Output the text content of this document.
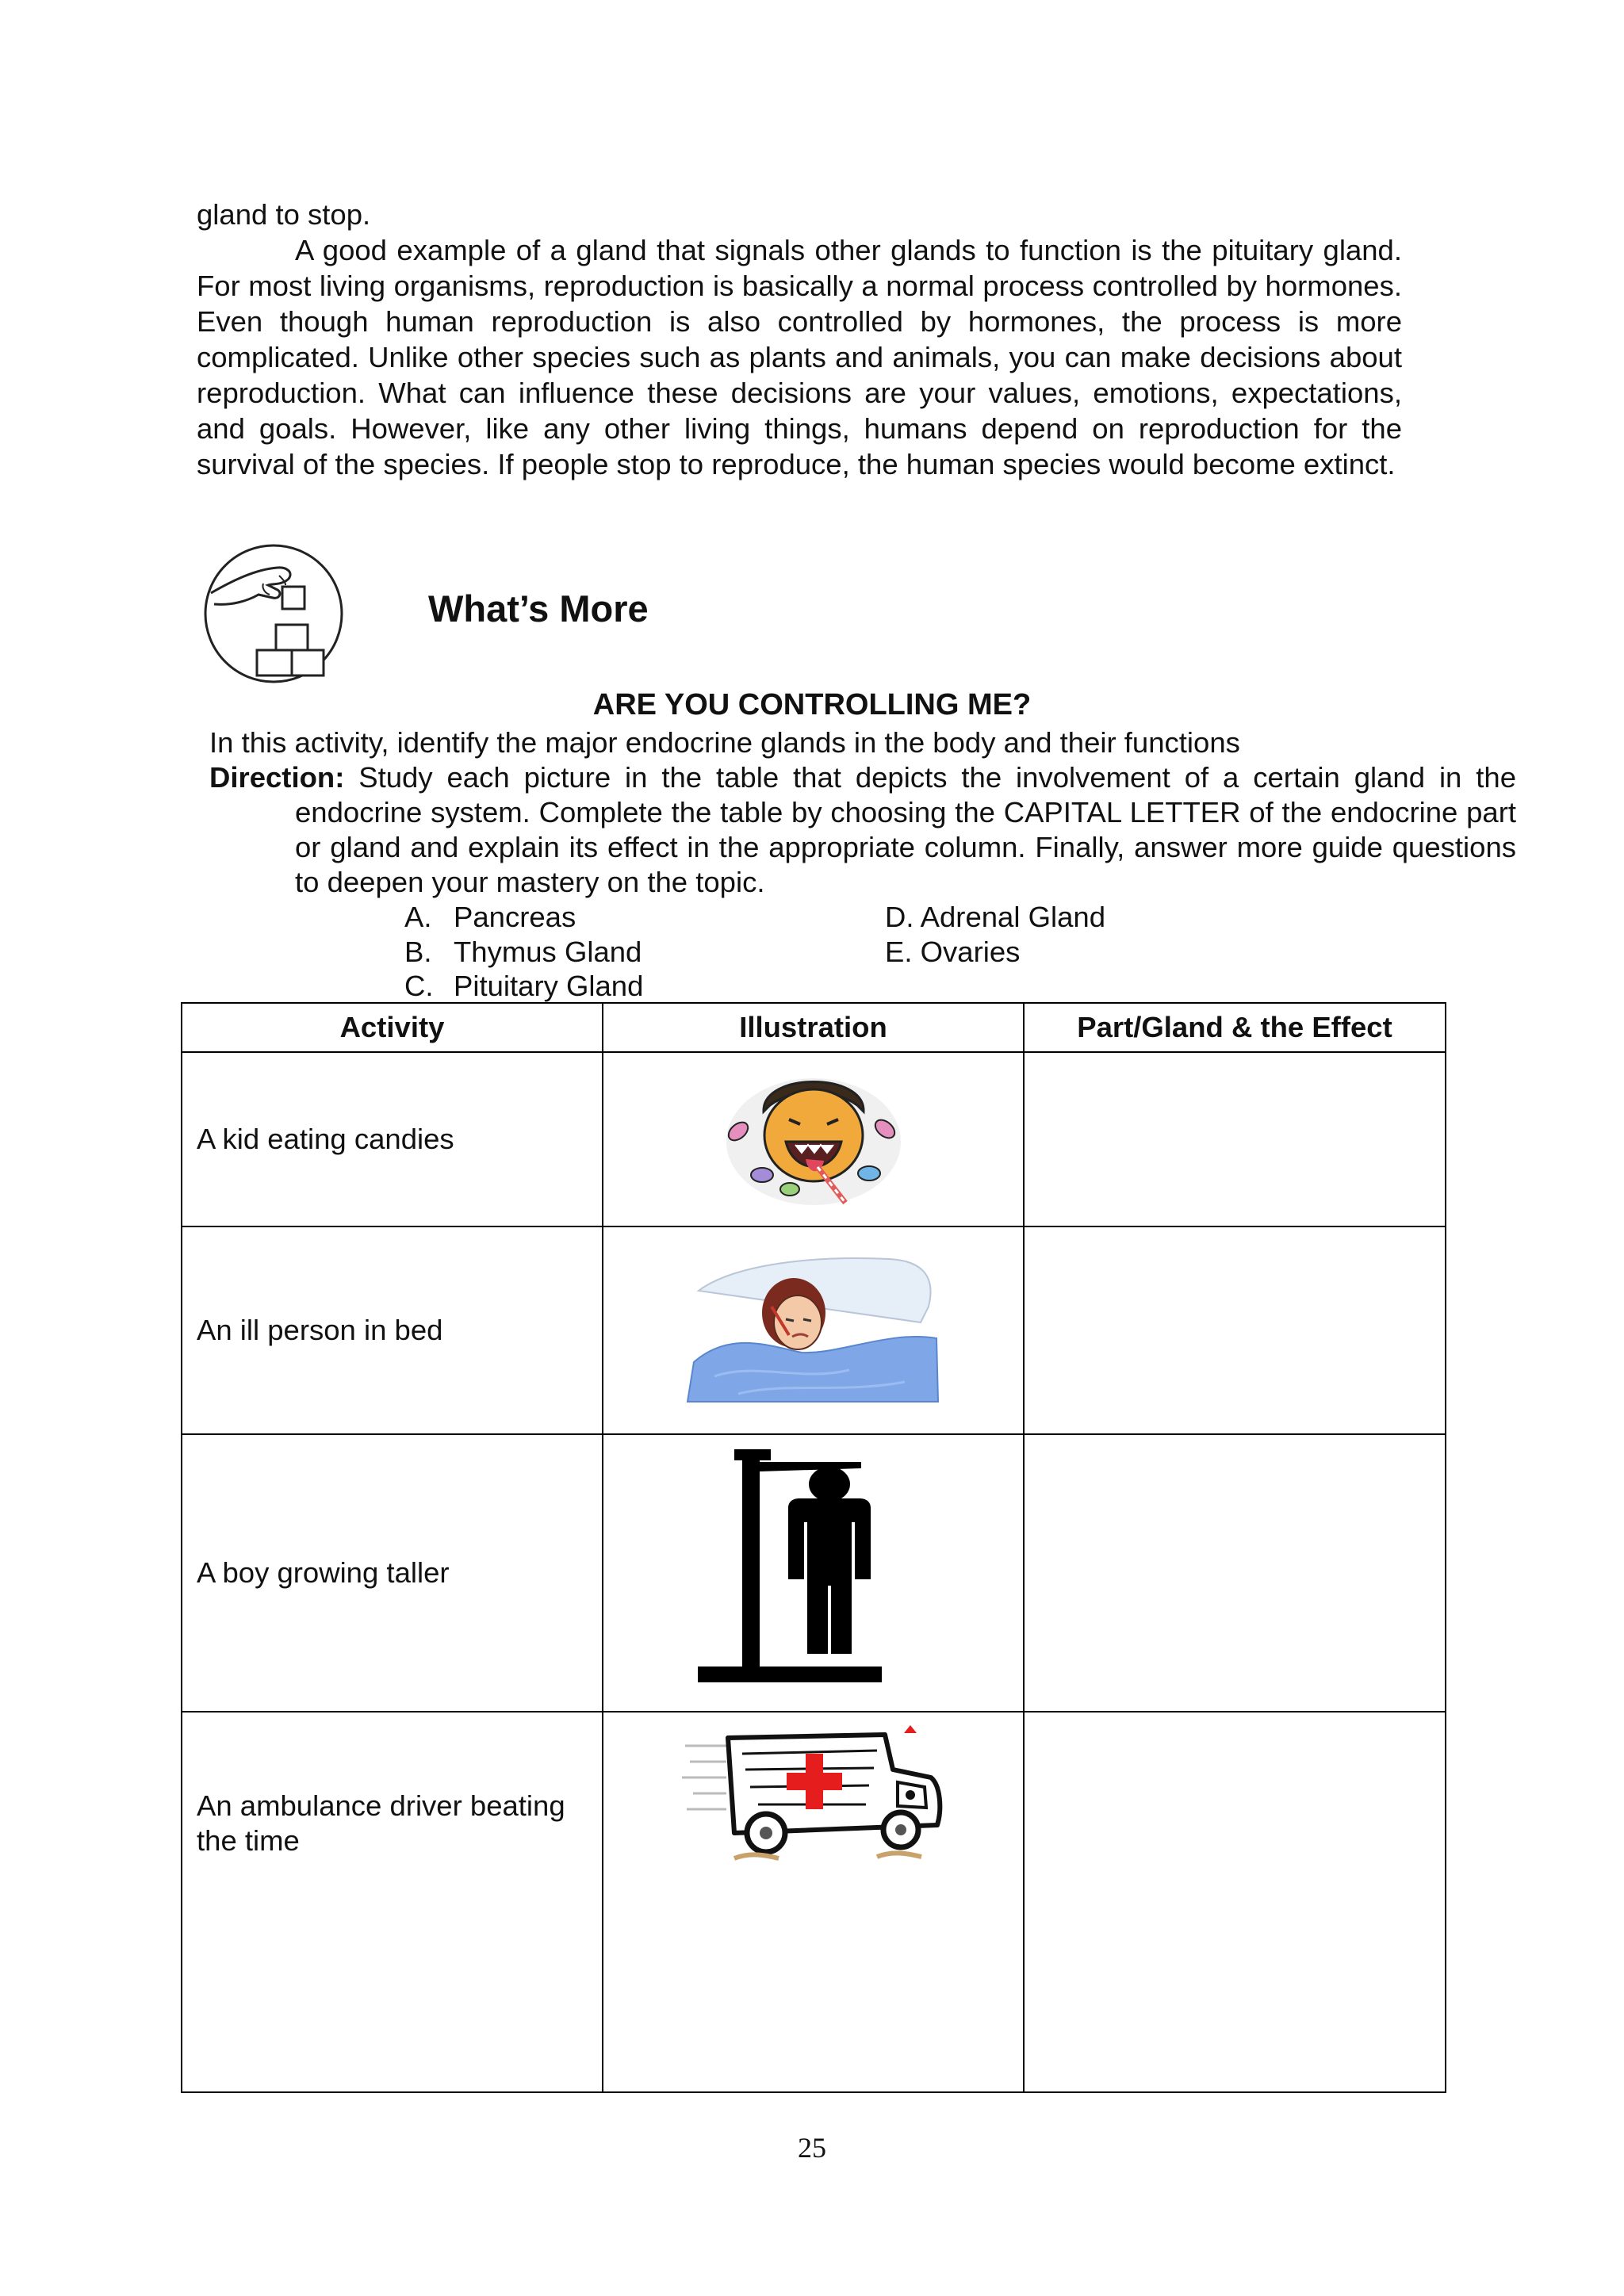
gland to stop.

A good example of a gland that signals other glands to function is the pituitary gland. For most living organisms, reproduction is basically a normal process controlled by hormones. Even though human reproduction is also controlled by hormones, the process is more complicated. Unlike other species such as plants and animals, you can make decisions about reproduction. What can influence these decisions are your values, emotions, expectations, and goals. However, like any other living things, humans depend on reproduction for the survival of the species. If people stop to reproduce, the human species would become extinct.

What’s More
ARE YOU CONTROLLING ME?

In this activity, identify the major endocrine glands in the body and their functions

Direction: Study each picture in the table that depicts the involvement of a certain gland in the endocrine system. Complete the table by choosing the CAPITAL LETTER of the endocrine part or gland and explain its effect in the appropriate column. Finally, answer more guide questions to deepen your mastery on the topic.

A. Pancreas

B. Thymus Gland

C. Pituitary Gland

D. Adrenal Gland

E. Ovaries

Activity	Illustration	Part/Gland & the Effect
A kid eating candies		
An ill person in bed		
A boy growing taller		
An ambulance driver beating the time		

25
